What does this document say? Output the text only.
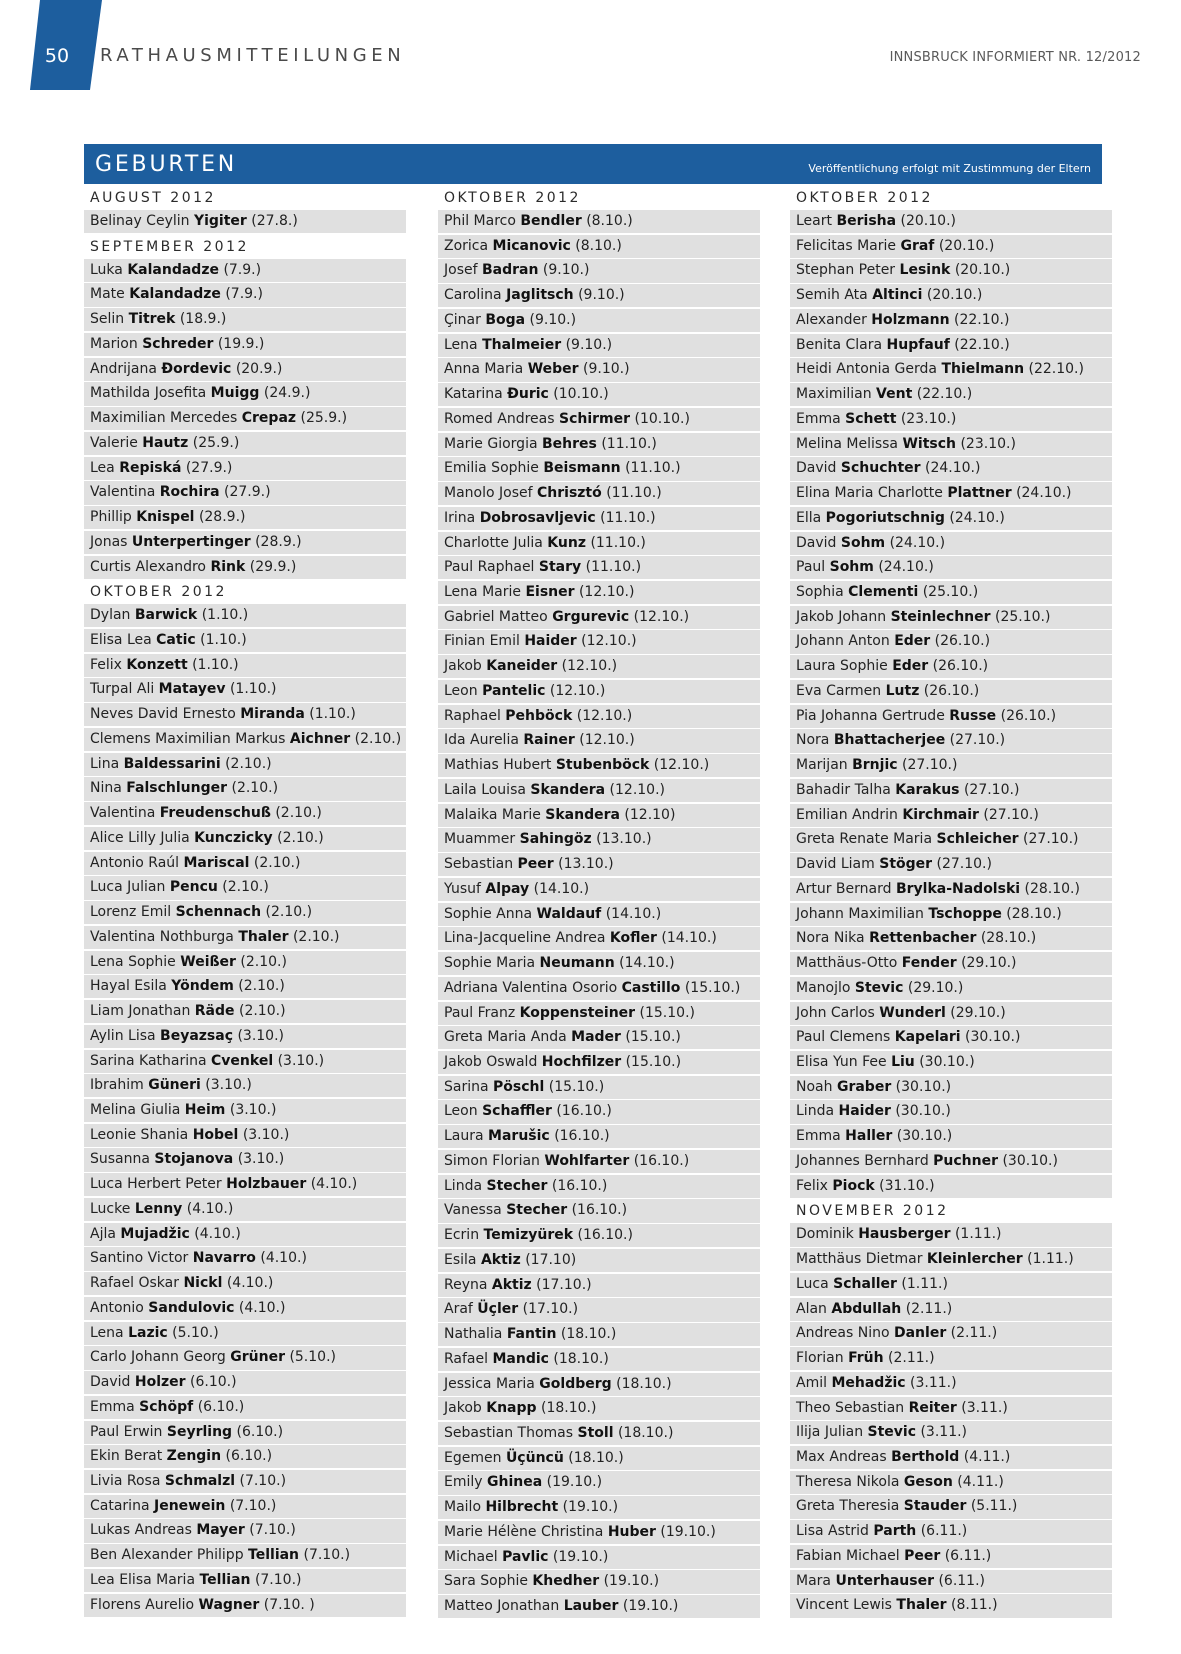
50 RATHAUSMITTEILUNGEN	INNSBRUCK INFORMIERT NR. 12/2012
GEBURTEN	Veröffentlichung erfolgt mit Zustimmung der Eltern
AUGUST 2012
Belinay Ceylin Yigiter (27.8.)
SEPTEMBER 2012
Luka Kalandadze (7.9.)
Mate Kalandadze (7.9.)
Selin Titrek (18.9.)
Marion Schreder (19.9.)
Andrijana Đordevic (20.9.)
Mathilda Josefita Muigg (24.9.)
Maximilian Mercedes Crepaz (25.9.)
Valerie Hautz (25.9.)
Lea Repiská (27.9.)
Valentina Rochira (27.9.)
Phillip Knispel (28.9.)
Jonas Unterpertinger (28.9.)
Curtis Alexandro Rink (29.9.)
OKTOBER 2012
Dylan Barwick (1.10.)
Elisa Lea Catic (1.10.)
Felix Konzett (1.10.)
Turpal Ali Matayev (1.10.)
Neves David Ernesto Miranda (1.10.)
Clemens Maximilian Markus Aichner (2.10.)
Lina Baldessarini (2.10.)
Nina Falschlunger (2.10.)
Valentina Freudenschuß (2.10.)
Alice Lilly Julia Kunczicky (2.10.)
Antonio Raúl Mariscal (2.10.)
Luca Julian Pencu (2.10.)
Lorenz Emil Schennach (2.10.)
Valentina Nothburga Thaler (2.10.)
Lena Sophie Weißer (2.10.)
Hayal Esila Yöndem (2.10.)
Liam Jonathan Räde (2.10.)
Aylin Lisa Beyazsaç (3.10.)
Sarina Katharina Cvenkel (3.10.)
Ibrahim Güneri (3.10.)
Melina Giulia Heim (3.10.)
Leonie Shania Hobel (3.10.)
Susanna Stojanova (3.10.)
Luca Herbert Peter Holzbauer (4.10.)
Lucke Lenny (4.10.)
Ajla Mujadžic (4.10.)
Santino Victor Navarro (4.10.)
Rafael Oskar Nickl (4.10.)
Antonio Sandulovic (4.10.)
Lena Lazic (5.10.)
Carlo Johann Georg Grüner (5.10.)
David Holzer (6.10.)
Emma Schöpf (6.10.)
Paul Erwin Seyrling (6.10.)
Ekin Berat Zengin (6.10.)
Livia Rosa Schmalzl (7.10.)
Catarina Jenewein (7.10.)
Lukas Andreas Mayer (7.10.)
Ben Alexander Philipp Tellian (7.10.)
Lea Elisa Maria Tellian (7.10.)
Florens Aurelio Wagner (7.10. )
OKTOBER 2012
Phil Marco Bendler (8.10.)
Zorica Micanovic (8.10.)
Josef Badran (9.10.)
Carolina Jaglitsch (9.10.)
Çinar Boga (9.10.)
Lena Thalmeier (9.10.)
Anna Maria Weber (9.10.)
Katarina Đuric (10.10.)
Romed Andreas Schirmer (10.10.)
Marie Giorgia Behres (11.10.)
Emilia Sophie Beismann (11.10.)
Manolo Josef Chrisztó (11.10.)
Irina Dobrosavljevic (11.10.)
Charlotte Julia Kunz (11.10.)
Paul Raphael Stary (11.10.)
Lena Marie Eisner (12.10.)
Gabriel Matteo Grgurevic (12.10.)
Finian Emil Haider (12.10.)
Jakob Kaneider (12.10.)
Leon Pantelic (12.10.)
Raphael Pehböck (12.10.)
Ida Aurelia Rainer (12.10.)
Mathias Hubert Stubenböck (12.10.)
Laila Louisa Skandera (12.10.)
Malaika Marie Skandera (12.10)
Muammer Sahingöz (13.10.)
Sebastian Peer (13.10.)
Yusuf Alpay (14.10.)
Sophie Anna Waldauf (14.10.)
Lina-Jacqueline Andrea Kofler (14.10.)
Sophie Maria Neumann (14.10.)
Adriana Valentina Osorio Castillo (15.10.)
Paul Franz Koppensteiner (15.10.)
Greta Maria Anda Mader (15.10.)
Jakob Oswald Hochfilzer (15.10.)
Sarina Pöschl (15.10.)
Leon Schaffler (16.10.)
Laura Marušic (16.10.)
Simon Florian Wohlfarter (16.10.)
Linda Stecher (16.10.)
Vanessa Stecher (16.10.)
Ecrin Temizyürek (16.10.)
Esila Aktiz (17.10)
Reyna Aktiz (17.10.)
Araf Üçler (17.10.)
Nathalia Fantin (18.10.)
Rafael Mandic (18.10.)
Jessica Maria Goldberg (18.10.)
Jakob Knapp (18.10.)
Sebastian Thomas Stoll (18.10.)
Egemen Üçüncü (18.10.)
Emily Ghinea (19.10.)
Mailo Hilbrecht (19.10.)
Marie Hélène Christina Huber (19.10.)
Michael Pavlic (19.10.)
Sara Sophie Khedher (19.10.)
Matteo Jonathan Lauber (19.10.)
OKTOBER 2012
Leart Berisha (20.10.)
Felicitas Marie Graf (20.10.)
Stephan Peter Lesink (20.10.)
Semih Ata Altinci (20.10.)
Alexander Holzmann (22.10.)
Benita Clara Hupfauf (22.10.)
Heidi Antonia Gerda Thielmann (22.10.)
Maximilian Vent (22.10.)
Emma Schett (23.10.)
Melina Melissa Witsch (23.10.)
David Schuchter (24.10.)
Elina Maria Charlotte Plattner (24.10.)
Ella Pogoriutschnig (24.10.)
David Sohm (24.10.)
Paul Sohm (24.10.)
Sophia Clementi (25.10.)
Jakob Johann Steinlechner (25.10.)
Johann Anton Eder (26.10.)
Laura Sophie Eder (26.10.)
Eva Carmen Lutz (26.10.)
Pia Johanna Gertrude Russe (26.10.)
Nora Bhattacherjee (27.10.)
Marijan Brnjic (27.10.)
Bahadir Talha Karakus (27.10.)
Emilian Andrin Kirchmair (27.10.)
Greta Renate Maria Schleicher (27.10.)
David Liam Stöger (27.10.)
Artur Bernard Brylka-Nadolski (28.10.)
Johann Maximilian Tschoppe (28.10.)
Nora Nika Rettenbacher (28.10.)
Matthäus-Otto Fender (29.10.)
Manojlo Stevic (29.10.)
John Carlos Wunderl (29.10.)
Paul Clemens Kapelari (30.10.)
Elisa Yun Fee Liu (30.10.)
Noah Graber (30.10.)
Linda Haider (30.10.)
Emma Haller (30.10.)
Johannes Bernhard Puchner (30.10.)
Felix Piock (31.10.)
NOVEMBER 2012
Dominik Hausberger (1.11.)
Matthäus Dietmar Kleinlercher (1.11.)
Luca Schaller (1.11.)
Alan Abdullah (2.11.)
Andreas Nino Danler (2.11.)
Florian Früh (2.11.)
Amil Mehadžic (3.11.)
Theo Sebastian Reiter (3.11.)
Ilija Julian Stevic (3.11.)
Max Andreas Berthold (4.11.)
Theresa Nikola Geson (4.11.)
Greta Theresia Stauder (5.11.)
Lisa Astrid Parth (6.11.)
Fabian Michael Peer (6.11.)
Mara Unterhauser (6.11.)
Vincent Lewis Thaler (8.11.)
